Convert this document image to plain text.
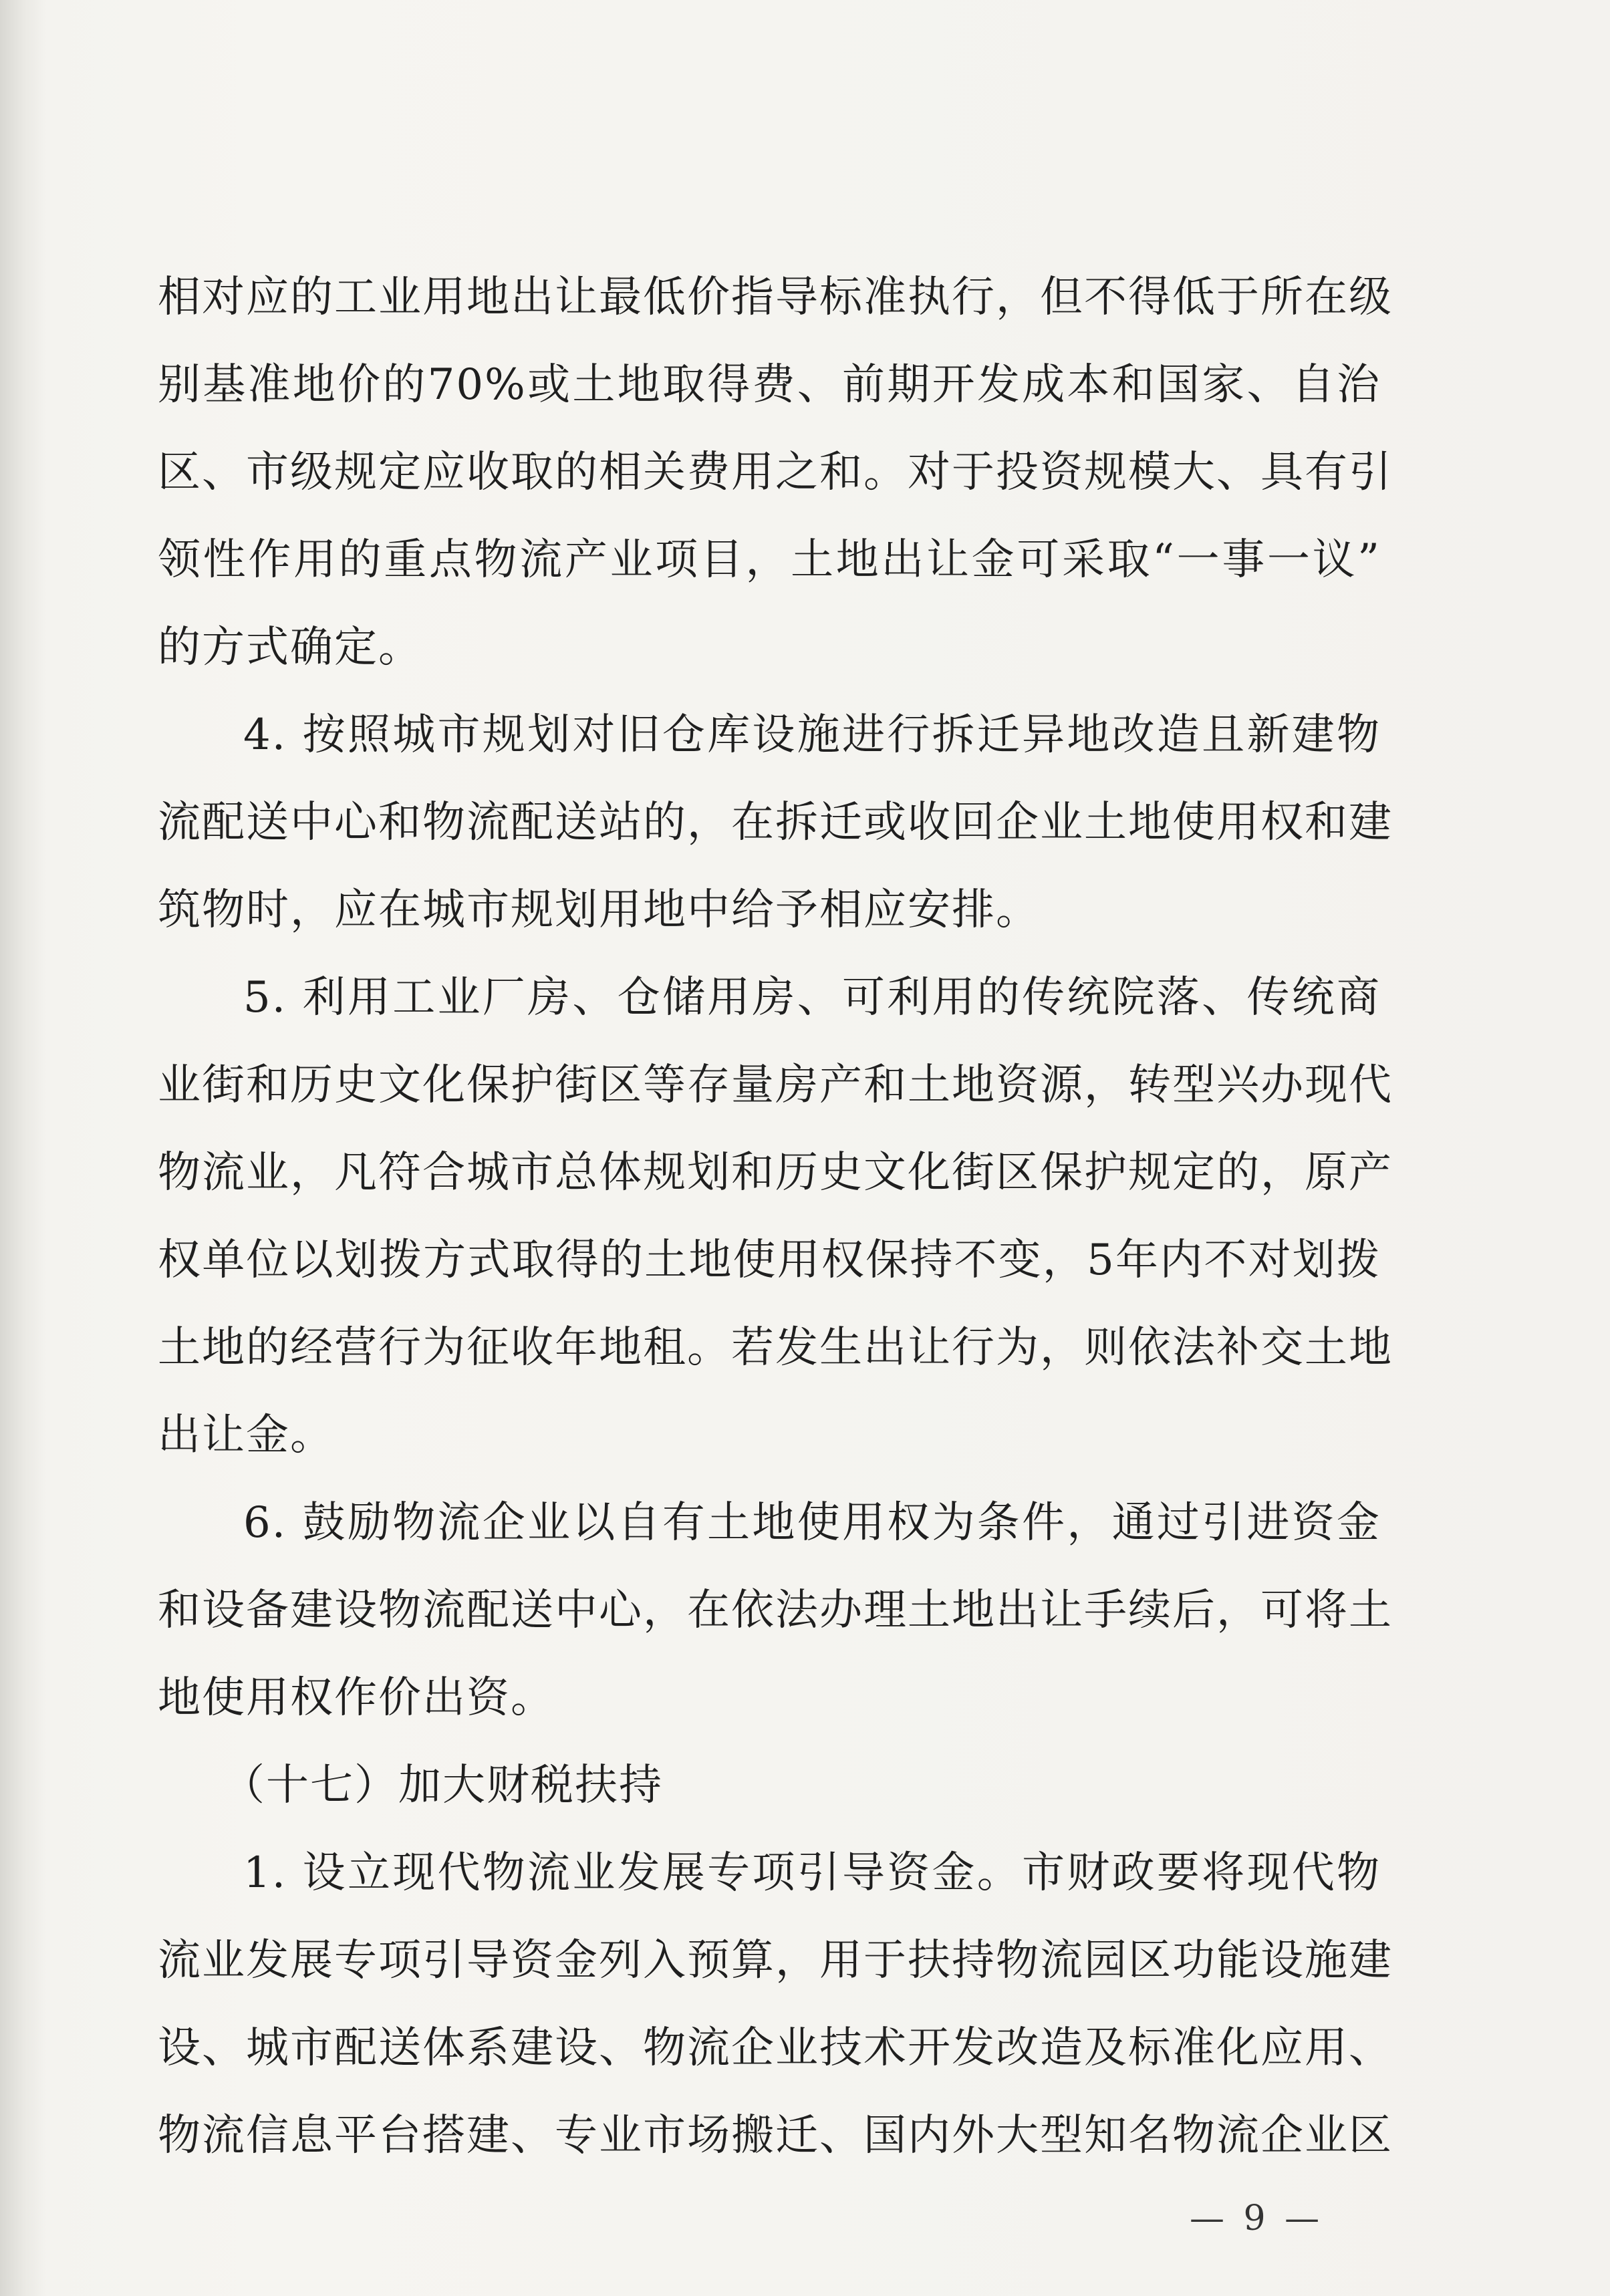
相对应的工业用地出让最低价指导标准执行，但不得低于所在级
别基准地价的70%或土地取得费、前期开发成本和国家、自治
区、市级规定应收取的相关费用之和。对于投资规模大、具有引
领性作用的重点物流产业项目，土地出让金可采取“一事一议”
的方式确定。
4. 按照城市规划对旧仓库设施进行拆迁异地改造且新建物
流配送中心和物流配送站的，在拆迁或收回企业土地使用权和建
筑物时，应在城市规划用地中给予相应安排。
5. 利用工业厂房、仓储用房、可利用的传统院落、传统商
业街和历史文化保护街区等存量房产和土地资源，转型兴办现代
物流业，凡符合城市总体规划和历史文化街区保护规定的，原产
权单位以划拨方式取得的土地使用权保持不变，5年内不对划拨
土地的经营行为征收年地租。若发生出让行为，则依法补交土地
出让金。
6. 鼓励物流企业以自有土地使用权为条件，通过引进资金
和设备建设物流配送中心，在依法办理土地出让手续后，可将土
地使用权作价出资。
（十七）加大财税扶持
1. 设立现代物流业发展专项引导资金。市财政要将现代物
流业发展专项引导资金列入预算，用于扶持物流园区功能设施建
设、城市配送体系建设、物流企业技术开发改造及标准化应用、
物流信息平台搭建、专业市场搬迁、国内外大型知名物流企业区
— 9 —
